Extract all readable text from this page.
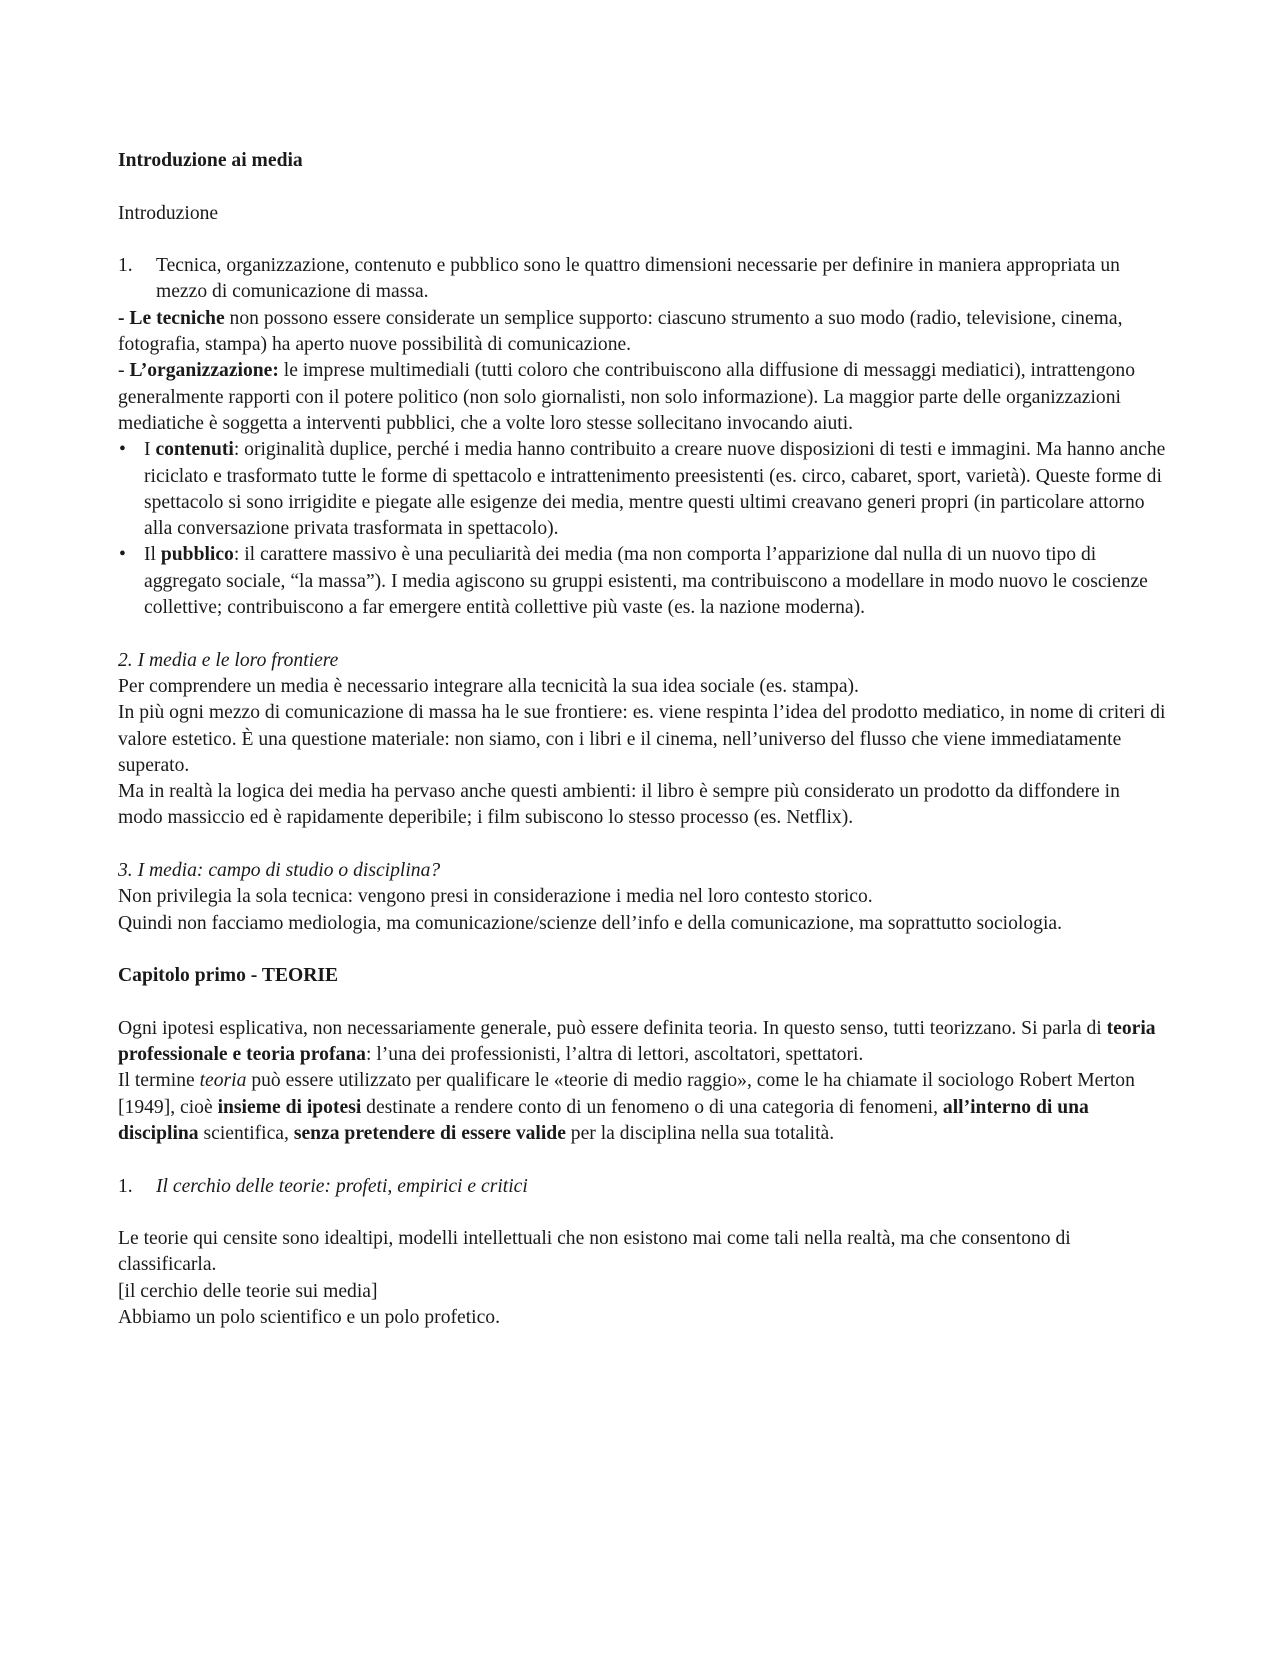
Introduzione ai media

Introduzione

1.	Tecnica, organizzazione, contenuto e pubblico sono le quattro dimensioni necessarie per definire in maniera appropriata un mezzo di comunicazione di massa.

- Le tecniche non possono essere considerate un semplice supporto: ciascuno strumento a suo modo (radio, televisione, cinema, fotografia, stampa) ha aperto nuove possibilità di comunicazione.

- L’organizzazione: le imprese multimediali (tutti coloro che contribuiscono alla diffusione di messaggi mediatici), intrattengono generalmente rapporti con il potere politico (non solo giornalisti, non solo informazione). La maggior parte delle organizzazioni mediatiche è soggetta a interventi pubblici, che a volte loro stesse sollecitano invocando aiuti.

• I contenuti: originalità duplice, perché i media hanno contribuito a creare nuove disposizioni di testi e immagini. Ma hanno anche riciclato e trasformato tutte le forme di spettacolo e intrattenimento preesistenti (es. circo, cabaret, sport, varietà). Queste forme di spettacolo si sono irrigidite e piegate alle esigenze dei media, mentre questi ultimi creavano generi propri (in particolare attorno alla conversazione privata trasformata in spettacolo).
• Il pubblico: il carattere massivo è una peculiarità dei media (ma non comporta l’apparizione dal nulla di un nuovo tipo di aggregato sociale, “la massa”). I media agiscono su gruppi esistenti, ma contribuiscono a modellare in modo nuovo le coscienze collettive; contribuiscono a far emergere entità collettive più vaste (es. la nazione moderna).

2. I media e le loro frontiere

Per comprendere un media è necessario integrare alla tecnicità la sua idea sociale (es. stampa).

In più ogni mezzo di comunicazione di massa ha le sue frontiere: es. viene respinta l’idea del prodotto mediatico, in nome di criteri di valore estetico. È una questione materiale: non siamo, con i libri e il cinema, nell’universo del flusso che viene immediatamente superato.

Ma in realtà la logica dei media ha pervaso anche questi ambienti: il libro è sempre più considerato un prodotto da diffondere in modo massiccio ed è rapidamente deperibile; i film subiscono lo stesso processo (es. Netflix).

3. I media: campo di studio o disciplina?

Non privilegia la sola tecnica: vengono presi in considerazione i media nel loro contesto storico.

Quindi non facciamo mediologia, ma comunicazione/scienze dell’info e della comunicazione, ma soprattutto sociologia.

Capitolo primo - TEORIE

Ogni ipotesi esplicativa, non necessariamente generale, può essere definita teoria. In questo senso, tutti teorizzano. Si parla di teoria professionale e teoria profana: l’una dei professionisti, l’altra di lettori, ascoltatori, spettatori.

Il termine teoria può essere utilizzato per qualificare le «teorie di medio raggio», come le ha chiamate il sociologo Robert Merton [1949], cioè insieme di ipotesi destinate a rendere conto di un fenomeno o di una categoria di fenomeni, all’interno di una disciplina scientifica, senza pretendere di essere valide per la disciplina nella sua totalità.

1.	Il cerchio delle teorie: profeti, empirici e critici

Le teorie qui censite sono idealtipi, modelli intellettuali che non esistono mai come tali nella realtà, ma che consentono di classificarla.

[il cerchio delle teorie sui media]

Abbiamo un polo scientifico e un polo profetico.
